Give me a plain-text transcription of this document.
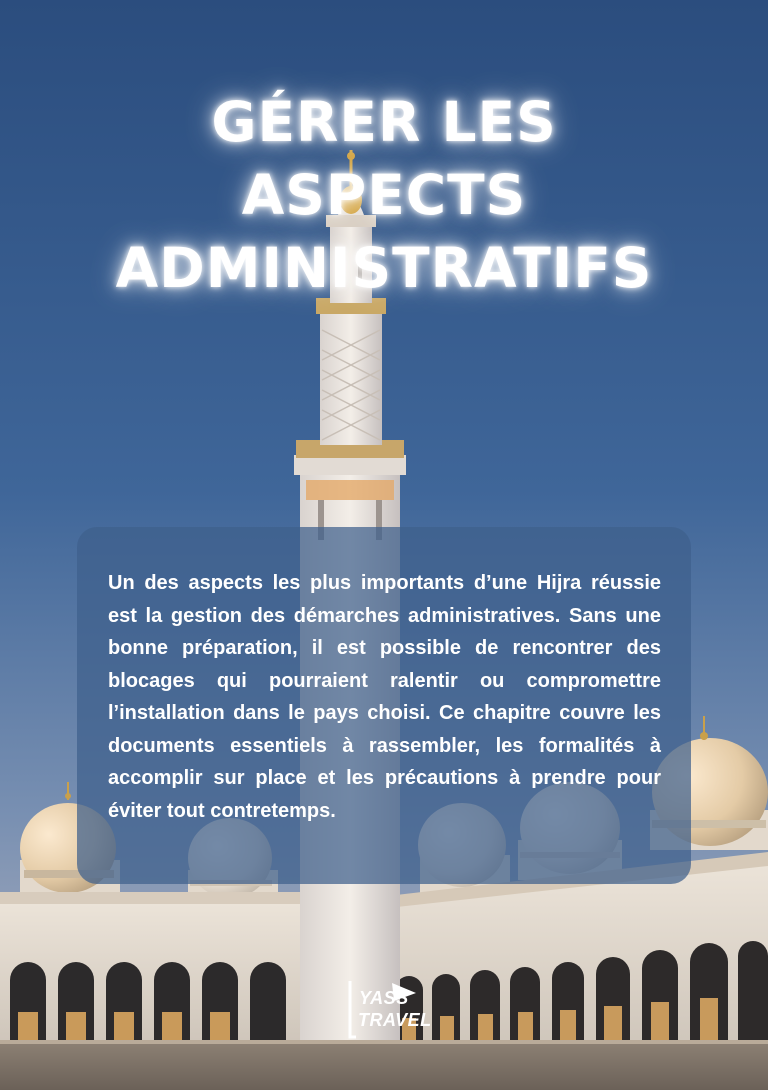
GÉRER LES
ASPECTS
ADMINISTRATIFS

Un des aspects les plus importants d’une Hijra réussie est la gestion des démarches administratives. Sans une bonne préparation, il est possible de rencontrer des blocages qui pourraient ralentir ou compromettre l’installation dans le pays choisi. Ce chapitre couvre les documents essentiels à rassembler, les formalités à accomplir sur place et les précautions à prendre pour éviter tout contretemps.

YASS
TRAVEL
